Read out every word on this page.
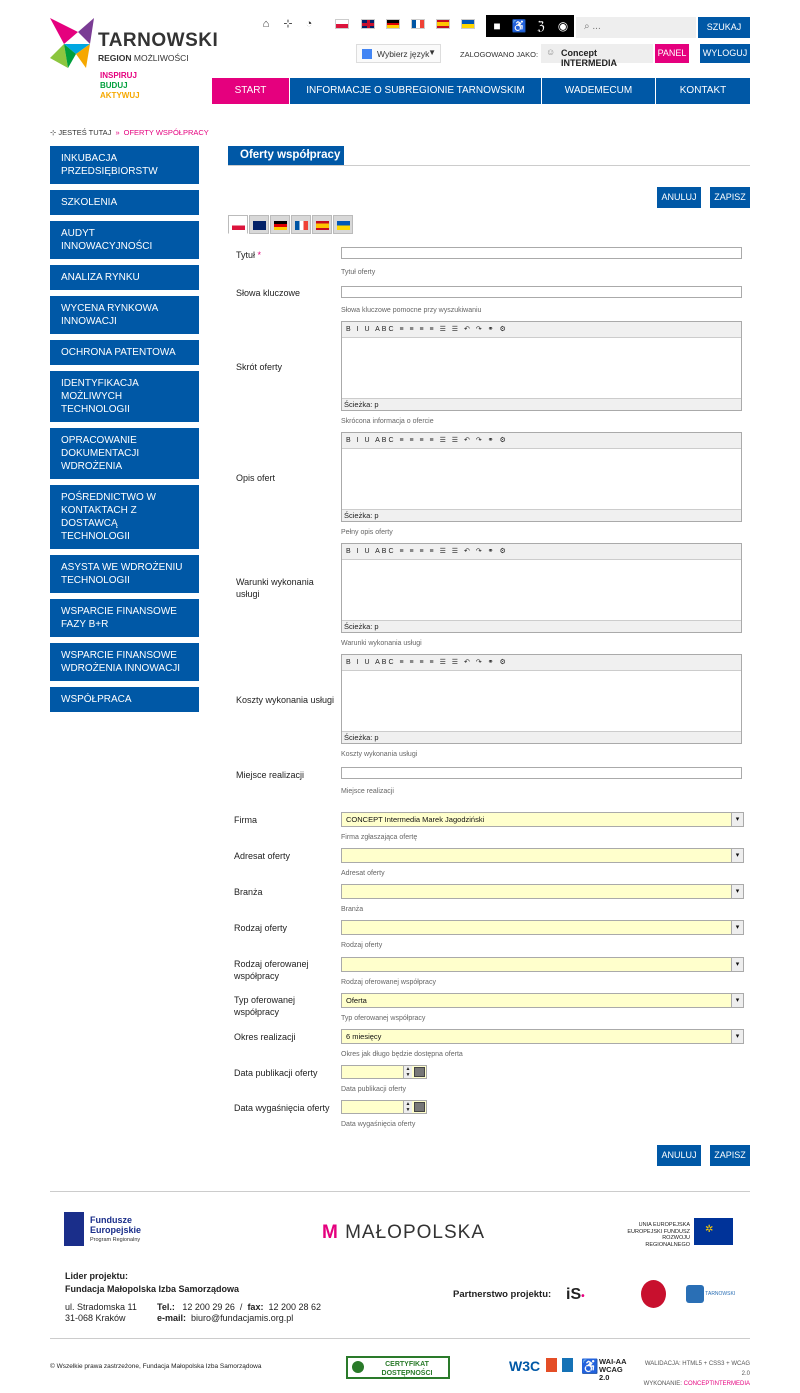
TARNOWSKI
REGION MOŻLIWOŚCI
INSPIRUJ
BUDUJ
AKTYWUJ
⌂	⊹	◔	■ ♿ ℨ	◉	⌕ ...	SZUKAJ
Wybierz język
▼	ZALOGOWANO JAKO: ☺ Concept INTERMEDIA
PANEL	WYLOGUJ
START	INFORMACJE O SUBREGIONIE TARNOWSKIM	WADEMECUM	KONTAKT
⊹ JESTEŚ TUTAJ » OFERTY WSPÓŁPRACY
INKUBACJA PRZEDSIĘBIORSTW
SZKOLENIA
AUDYT INNOWACYJNOŚCI
ANALIZA RYNKU
WYCENA RYNKOWA INNOWACJI
OCHRONA PATENTOWA
IDENTYFIKACJA MOŻLIWYCH TECHNOLOGII
OPRACOWANIE DOKUMENTACJI WDROŻENIA
POŚREDNICTWO W KONTAKTACH Z DOSTAWCĄ TECHNOLOGII
ASYSTA WE WDROŻENIU TECHNOLOGII
WSPARCIE FINANSOWE FAZY B+R
WSPARCIE FINANSOWE WDROŻENIA INNOWACJI
WSPÓŁPRACA
Oferty współpracy
ANULUJ	ZAPISZ
Tytuł *
Tytuł oferty
Słowa kluczowe
Słowa kluczowe pomocne przy wyszukiwaniu
Skrót oferty
B I U ABC ≡ ≡ ≡ ≡ ☰ ☰ ↶ ↷ ⚭ ⚙
Ścieżka: p
Skrócona informacja o ofercie
Opis ofert
B I U ABC ≡ ≡ ≡ ≡ ☰ ☰ ↶ ↷ ⚭ ⚙
Ścieżka: p
Pełny opis oferty
Warunki wykonania usługi
B I U ABC ≡ ≡ ≡ ≡ ☰ ☰ ↶ ↷ ⚭ ⚙
Ścieżka: p
Warunki wykonania usługi
Koszty wykonania usługi
B I U ABC ≡ ≡ ≡ ≡ ☰ ☰ ↶ ↷ ⚭ ⚙
Ścieżka: p
Koszty wykonania usługi
Miejsce realizacji
Miejsce realizacji
Firma	CONCEPT Intermedia Marek Jagodziński	▾
Firma zgłaszająca ofertę
Adresat oferty	▾
Adresat oferty
Branża	▾
Branża
Rodzaj oferty	▾
Rodzaj oferty
Rodzaj oferowanej współpracy
▾
Rodzaj oferowanej współpracy
Typ oferowanej współpracy
Oferta	▾
Typ oferowanej współpracy
Okres realizacji	6 miesięcy	▾
Okres jak długo będzie dostępna oferta
Data publikacji oferty	▲
▼
Data publikacji oferty
Data wygaśnięcia oferty	▲
▼
Data wygaśnięcia oferty
ANULUJ	ZAPISZ
Fundusze Europejskie
Program Regionalny	M MAŁOPOLSKA	UNIA EUROPEJSKA EUROPEJSKI FUNDUSZ ROZWOJU REGIONALNEGO
✲
Lider projektu:
Fundacja Małopolska Izba Samorządowa
ul. Stradomska 11
31-068 Kraków
Tel.: 12 200 29 26  /  fax: 12 200 28 62
e-mail: biuro@fundacjamis.org.pl
Partnerstwo projektu: iS•	TARNOWSKI
© Wszelkie prawa zastrzeżone, Fundacja Małopolska Izba Samorządowa	CERTYFIKAT DOSTĘPNOŚCI	W3C	♿ WAI-AA WCAG 2.0
WALIDACJA: HTML5 + CSS3 + WCAG 2.0
WYKONANIE: CONCEPTINTERMEDIA
